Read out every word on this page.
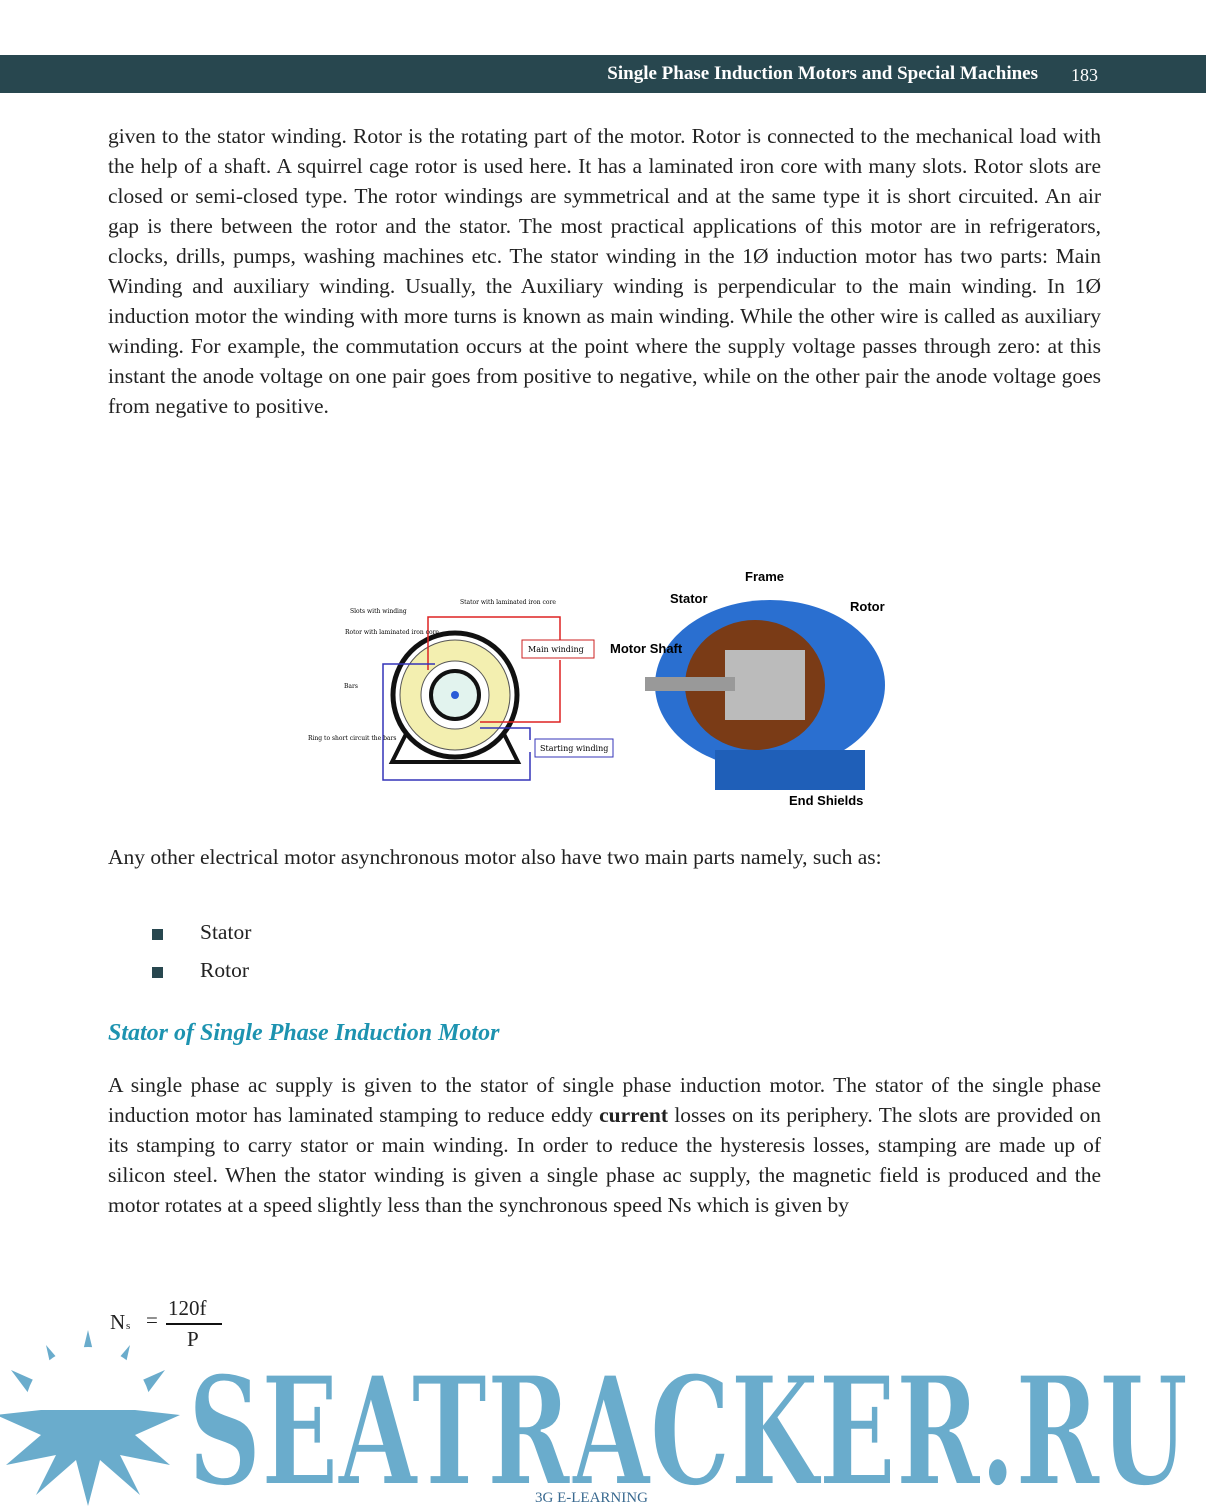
Single Phase Induction Motors and Special Machines 183

given to the stator winding. Rotor is the rotating part of the motor. Rotor is connected to the mechanical load with the help of a shaft. A squirrel cage rotor is used here. It has a laminated iron core with many slots. Rotor slots are closed or semi-closed type. The rotor windings are symmetrical and at the same type it is short circuited. An air gap is there between the rotor and the stator. The most practical applications of this motor are in refrigerators, clocks, drills, pumps, washing machines etc. The stator winding in the 1Ø induction motor has two parts: Main Winding and auxiliary winding. Usually, the Auxiliary winding is perpendicular to the main winding. In 1Ø induction motor the winding with more turns is known as main winding. While the other wire is called as auxiliary winding. For example, the commutation occurs at the point where the supply voltage passes through zero: at this instant the anode voltage on one pair goes from positive to negative, while on the other pair the anode voltage goes from negative to positive.

Main winding
Starting winding
Slots with winding
Stator with laminated iron core
Rotor with laminated iron core
Bars
Ring to short circuit the bars
Frame
Stator
Rotor
Motor Shaft
End Shields

Any other electrical motor asynchronous motor also have two main parts namely, such as:

Stator
Rotor
Stator of Single Phase Induction Motor

A single phase ac supply is given to the stator of single phase induction motor. The stator of the single phase induction motor has laminated stamping to reduce eddy current losses on its periphery. The slots are provided on its stamping to carry stator or main winding. In order to reduce the hysteresis losses, stamping are made up of silicon steel. When the stator winding is given a single phase ac supply, the magnetic field is produced and the motor rotates at a speed slightly less than the synchronous speed Ns which is given by

N s = 120f
P
SEATRACKER.RU
3G E-LEARNING
